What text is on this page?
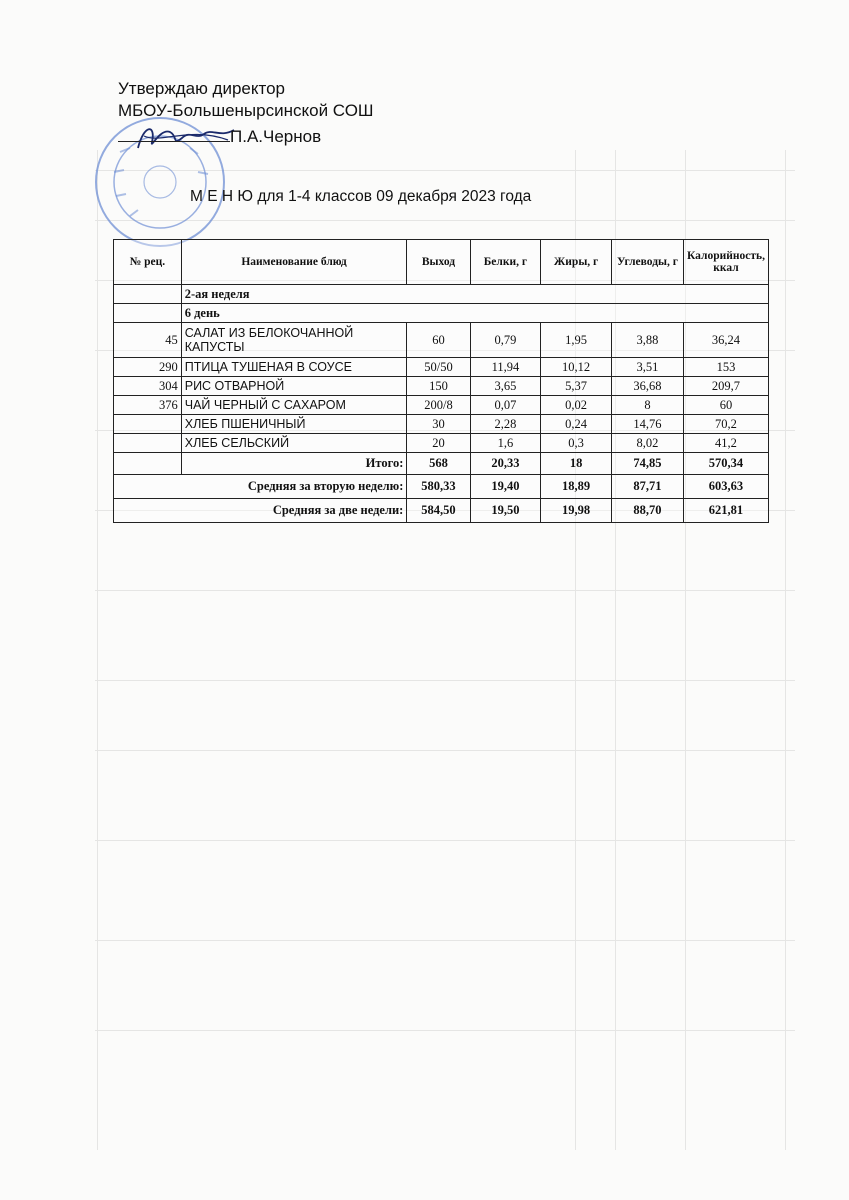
Утверждаю директор
МБОУ-Большенырсинской СОШ
П.А.Чернов
М Е Н Ю для 1-4 классов 09 декабря 2023 года
№ рец.	Наименование блюд	Выход	Белки, г	Жиры, г	Углеводы, г	Калорийность, ккал
	2-ая неделя					
	6 день					
45	САЛАТ ИЗ БЕЛОКОЧАННОЙ КАПУСТЫ	60	0,79	1,95	3,88	36,24
290	ПТИЦА ТУШЕНАЯ В СОУСЕ	50/50	11,94	10,12	3,51	153
304	РИС ОТВАРНОЙ	150	3,65	5,37	36,68	209,7
376	ЧАЙ ЧЕРНЫЙ С САХАРОМ	200/8	0,07	0,02	8	60
	ХЛЕБ ПШЕНИЧНЫЙ	30	2,28	0,24	14,76	70,2
	ХЛЕБ СЕЛЬСКИЙ	20	1,6	0,3	8,02	41,2
	Итого:	568	20,33	18	74,85	570,34
Средняя за вторую неделю:		580,33	19,40	18,89	87,71	603,63
Средняя за две недели:		584,50	19,50	19,98	88,70	621,81
